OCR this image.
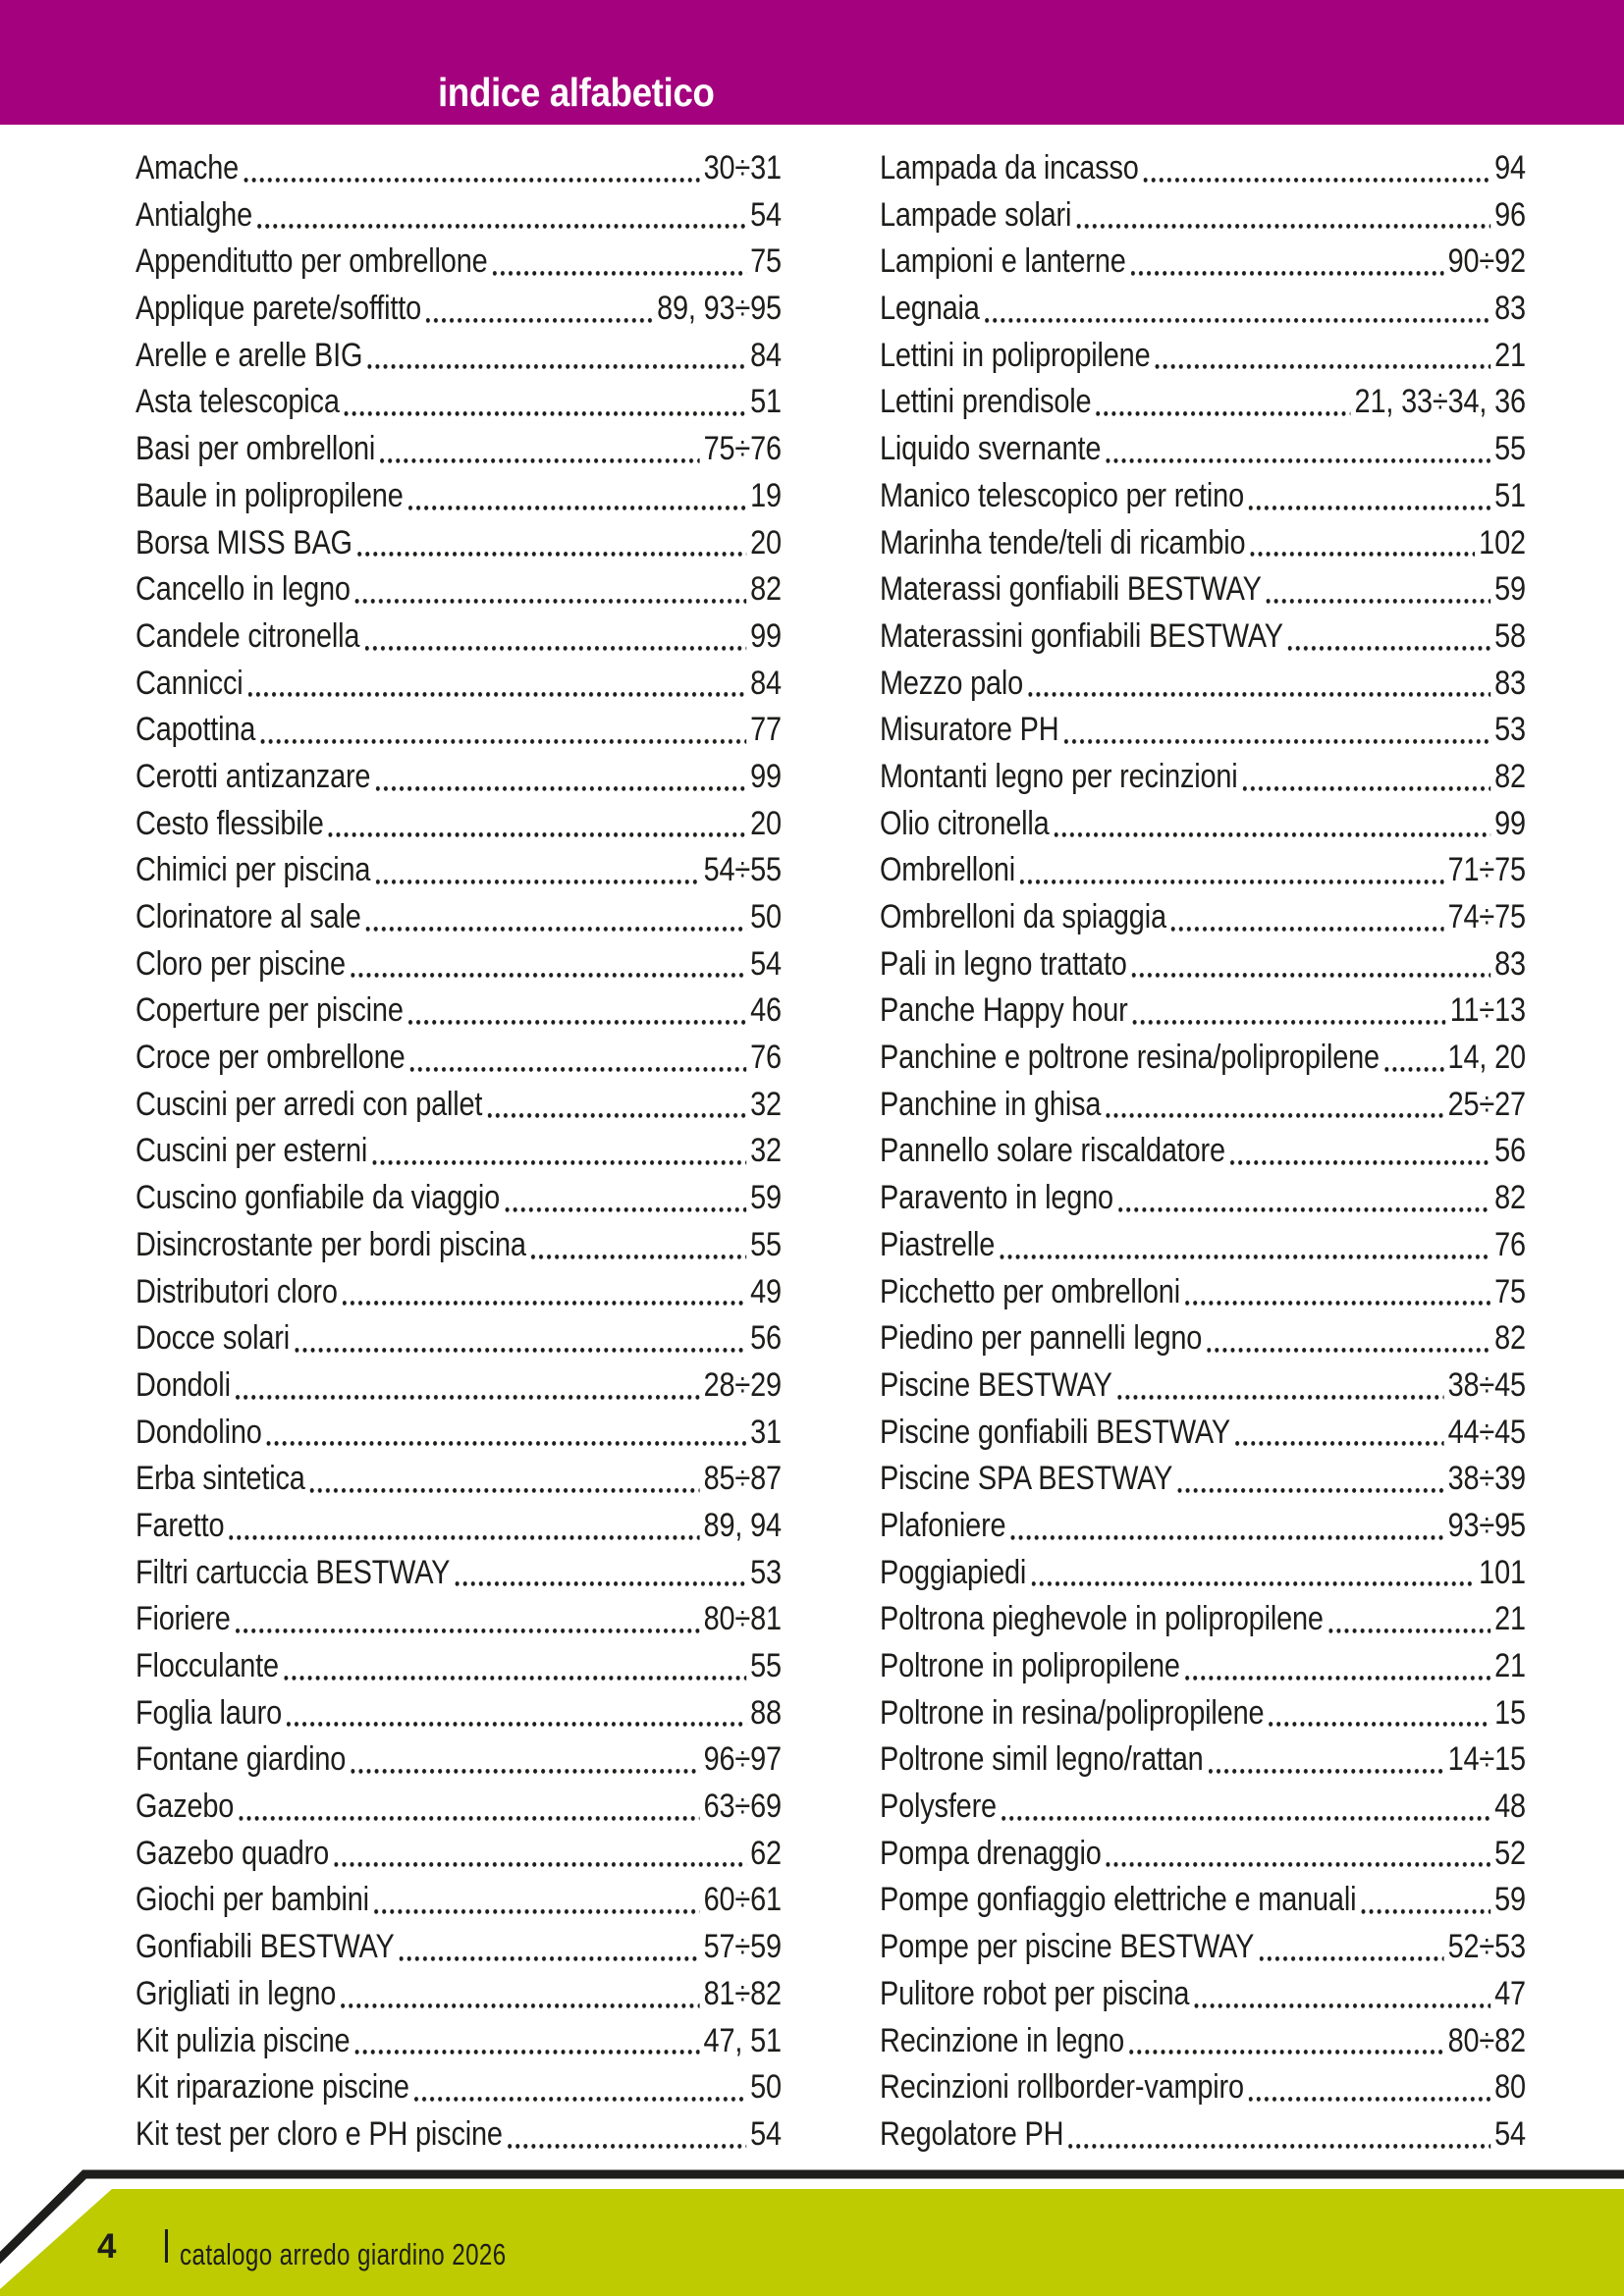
indice alfabetico
Amache	30÷31
Antialghe	54
Appenditutto per ombrellone	75
Applique parete/soffitto	89, 93÷95
Arelle e arelle BIG	84
Asta telescopica	51
Basi per ombrelloni	75÷76
Baule in polipropilene	19
Borsa MISS BAG	20
Cancello in legno	82
Candele citronella	99
Cannicci	84
Capottina	77
Cerotti antizanzare	99
Cesto flessibile	20
Chimici per piscina	54÷55
Clorinatore al sale	50
Cloro per piscine	54
Coperture per piscine	46
Croce per ombrellone	76
Cuscini per arredi con pallet	32
Cuscini per esterni	32
Cuscino gonfiabile da viaggio	59
Disincrostante per bordi piscina	55
Distributori cloro	49
Docce solari	56
Dondoli	28÷29
Dondolino	31
Erba sintetica	85÷87
Faretto	89, 94
Filtri cartuccia BESTWAY	53
Fioriere	80÷81
Flocculante	55
Foglia lauro	88
Fontane giardino	96÷97
Gazebo	63÷69
Gazebo quadro	62
Giochi per bambini	60÷61
Gonfiabili BESTWAY	57÷59
Grigliati in legno	81÷82
Kit pulizia piscine	47, 51
Kit riparazione piscine	50
Kit test per cloro e PH piscine	54
Lampada da incasso	94
Lampade solari	96
Lampioni e lanterne	90÷92
Legnaia	83
Lettini in polipropilene	21
Lettini prendisole	21, 33÷34, 36
Liquido svernante	55
Manico telescopico per retino	51
Marinha tende/teli di ricambio	102
Materassi gonfiabili BESTWAY	59
Materassini gonfiabili BESTWAY	58
Mezzo palo	83
Misuratore PH	53
Montanti legno per recinzioni	82
Olio citronella	99
Ombrelloni	71÷75
Ombrelloni da spiaggia	74÷75
Pali in legno trattato	83
Panche Happy hour	11÷13
Panchine e poltrone resina/polipropilene 14, 20
Panchine in ghisa	25÷27
Pannello solare riscaldatore	56
Paravento in legno	82
Piastrelle	76
Picchetto per ombrelloni	75
Piedino per pannelli legno	82
Piscine BESTWAY	38÷45
Piscine gonfiabili BESTWAY	44÷45
Piscine SPA BESTWAY	38÷39
Plafoniere	93÷95
Poggiapiedi	101
Poltrona pieghevole in polipropilene	21
Poltrone in polipropilene	21
Poltrone in resina/polipropilene	15
Poltrone simil legno/rattan	14÷15
Polysfere	48
Pompa drenaggio	52
Pompe gonfiaggio elettriche e manuali	59
Pompe per piscine BESTWAY	52÷53
Pulitore robot per piscina	47
Recinzione in legno	80÷82
Recinzioni rollborder-vampiro	80
Regolatore PH	54
4 catalogo arredo giardino 2026
